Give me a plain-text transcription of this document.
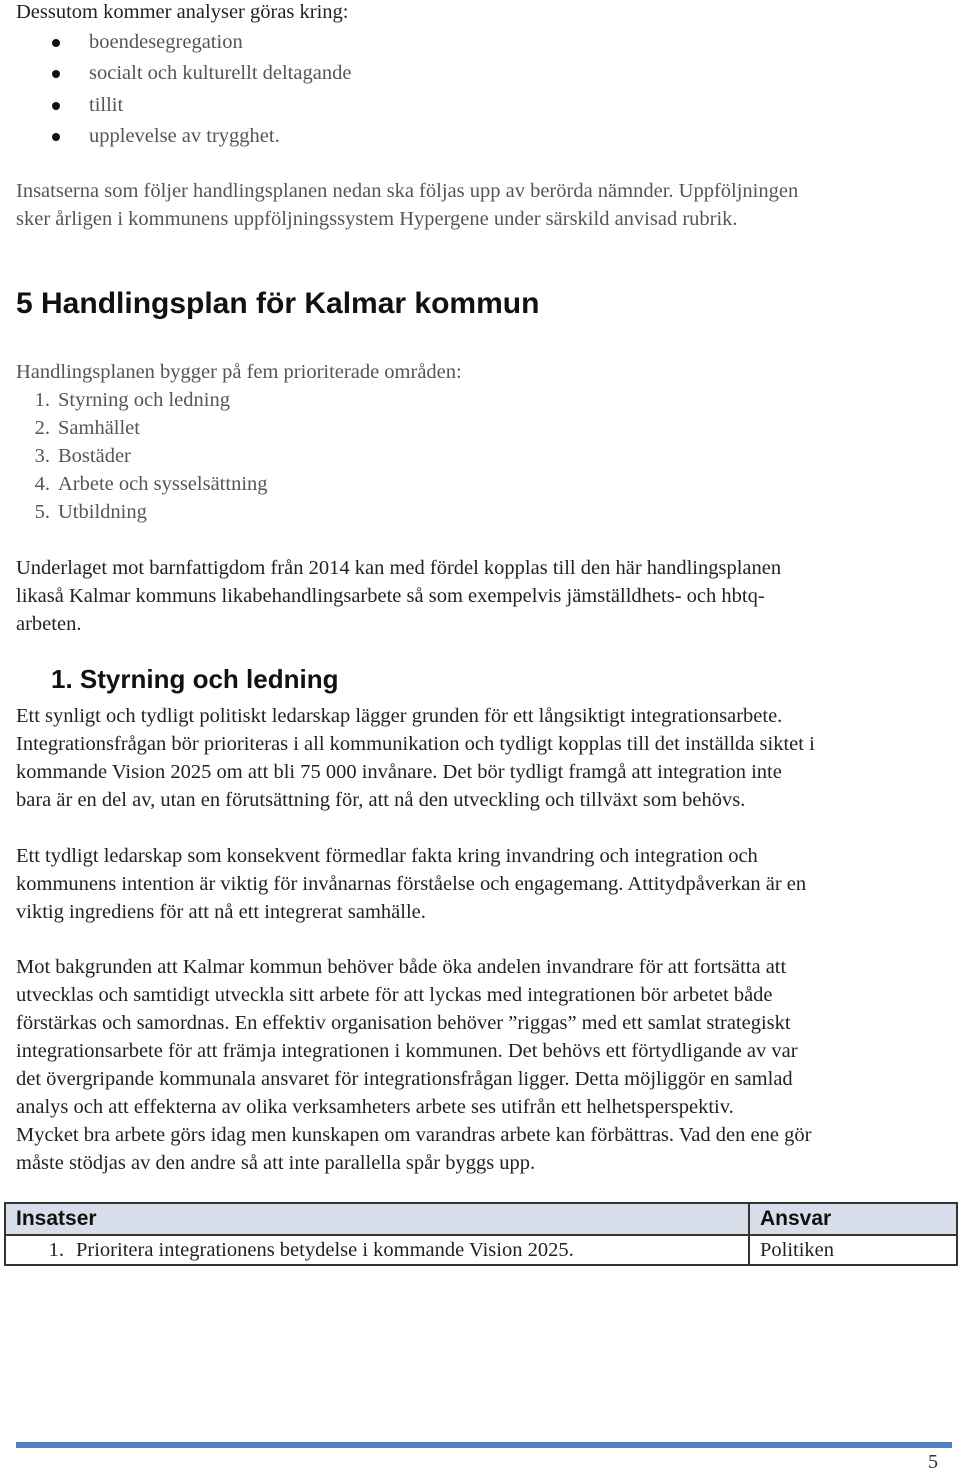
Dessutom kommer analyser göras kring:

boendesegregation
socialt och kulturellt deltagande
tillit
upplevelse av trygghet.
Insatserna som följer handlingsplanen nedan ska följas upp av berörda nämnder. Uppföljningen
sker årligen i kommunens uppföljningssystem Hypergene under särskild anvisad rubrik.
5 Handlingsplan för Kalmar kommun

Handlingsplanen bygger på fem prioriterade områden:

1. Styrning och ledning
2. Samhället
3. Bostäder
4. Arbete och sysselsättning
5. Utbildning
Underlaget mot barnfattigdom från 2014 kan med fördel kopplas till den här handlingsplanen
likaså Kalmar kommuns likabehandlingsarbete så som exempelvis jämställdhets- och hbtq-
arbeten.
1. Styrning och ledning
Ett synligt och tydligt politiskt ledarskap lägger grunden för ett långsiktigt integrationsarbete.
Integrationsfrågan bör prioriteras i all kommunikation och tydligt kopplas till det inställda siktet i
kommande Vision 2025 om att bli 75 000 invånare. Det bör tydligt framgå att integration inte
bara är en del av, utan en förutsättning för, att nå den utveckling och tillväxt som behövs.
Ett tydligt ledarskap som konsekvent förmedlar fakta kring invandring och integration och
kommunens intention är viktig för invånarnas förståelse och engagemang. Attitydpåverkan är en
viktig ingrediens för att nå ett integrerat samhälle.
Mot bakgrunden att Kalmar kommun behöver både öka andelen invandrare för att fortsätta att
utvecklas och samtidigt utveckla sitt arbete för att lyckas med integrationen bör arbetet både
förstärkas och samordnas. En effektiv organisation behöver ”riggas” med ett samlat strategiskt
integrationsarbete för att främja integrationen i kommunen. Det behövs ett förtydligande av var
det övergripande kommunala ansvaret för integrationsfrågan ligger. Detta möjliggör en samlad
analys och att effekterna av olika verksamheters arbete ses utifrån ett helhetsperspektiv.
Mycket bra arbete görs idag men kunskapen om varandras arbete kan förbättras. Vad den ene gör
måste stödjas av den andre så att inte parallella spår byggs upp.
Insatser	Ansvar
1. Prioritera integrationens betydelse i kommande Vision 2025.	Politiken
5
